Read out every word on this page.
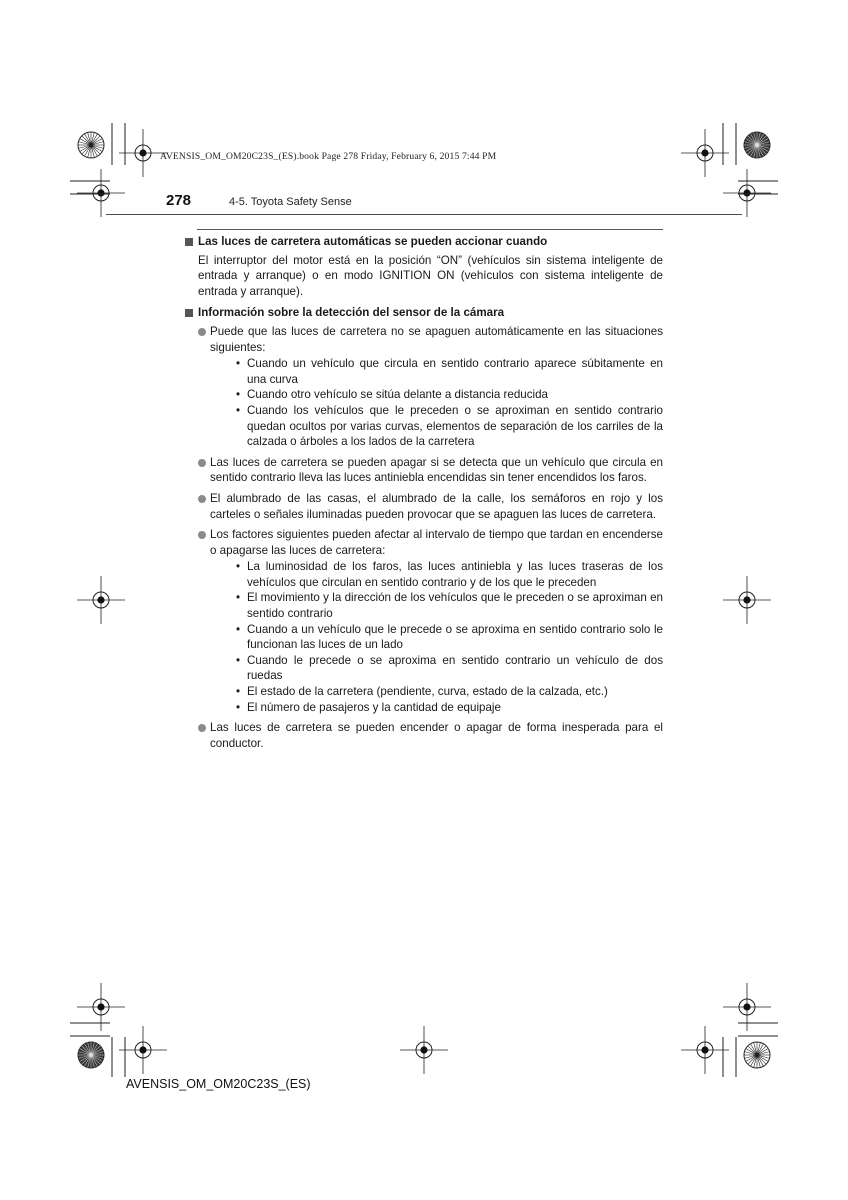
AVENSIS_OM_OM20C23S_(ES).book Page 278 Friday, February 6, 2015 7:44 PM
278	4-5. Toyota Safety Sense
Las luces de carretera automáticas se pueden accionar cuando
El interruptor del motor está en la posición “ON” (vehículos sin sistema inteligente de entrada y arranque) o en modo IGNITION ON (vehículos con sistema inteligente de entrada y arranque).
Información sobre la detección del sensor de la cámara
Puede que las luces de carretera no se apaguen automáticamente en las situaciones siguientes:
• Cuando un vehículo que circula en sentido contrario aparece súbitamente en una curva
• Cuando otro vehículo se sitúa delante a distancia reducida
• Cuando los vehículos que le preceden o se aproximan en sentido contrario quedan ocultos por varias curvas, elementos de separación de los carriles de la calzada o árboles a los lados de la carretera
Las luces de carretera se pueden apagar si se detecta que un vehículo que circula en sentido contrario lleva las luces antiniebla encendidas sin tener encendidos los faros.
El alumbrado de las casas, el alumbrado de la calle, los semáforos en rojo y los carteles o señales iluminadas pueden provocar que se apaguen las luces de carretera.
Los factores siguientes pueden afectar al intervalo de tiempo que tardan en encenderse o apagarse las luces de carretera:
• La luminosidad de los faros, las luces antiniebla y las luces traseras de los vehículos que circulan en sentido contrario y de los que le preceden
• El movimiento y la dirección de los vehículos que le preceden o se aproximan en sentido contrario
• Cuando a un vehículo que le precede o se aproxima en sentido contrario solo le funcionan las luces de un lado
• Cuando le precede o se aproxima en sentido contrario un vehículo de dos ruedas
• El estado de la carretera (pendiente, curva, estado de la calzada, etc.)
• El número de pasajeros y la cantidad de equipaje
Las luces de carretera se pueden encender o apagar de forma inesperada para el conductor.
AVENSIS_OM_OM20C23S_(ES)
